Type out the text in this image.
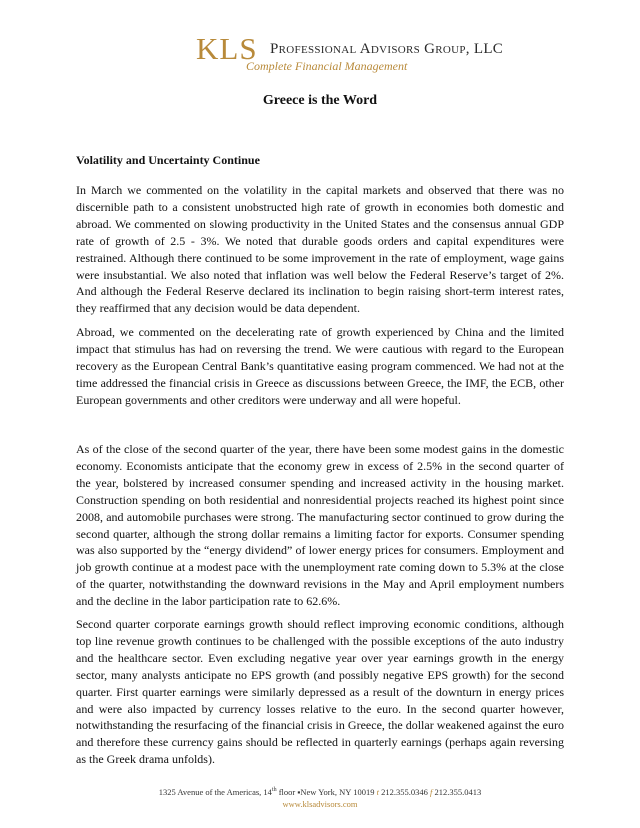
KLS Professional Advisors Group, LLC
Complete Financial Management
Greece is the Word
Volatility and Uncertainty Continue

In March we commented on the volatility in the capital markets and observed that there was no discernible path to a consistent unobstructed high rate of growth in economies both domestic and abroad. We commented on slowing productivity in the United States and the consensus annual GDP rate of growth of 2.5 - 3%. We noted that durable goods orders and capital expenditures were restrained. Although there continued to be some improvement in the rate of employment, wage gains were insubstantial. We also noted that inflation was well below the Federal Reserve’s target of 2%. And although the Federal Reserve declared its inclination to begin raising short-term interest rates, they reaffirmed that any decision would be data dependent.

Abroad, we commented on the decelerating rate of growth experienced by China and the limited impact that stimulus has had on reversing the trend. We were cautious with regard to the European recovery as the European Central Bank’s quantitative easing program commenced. We had not at the time addressed the financial crisis in Greece as discussions between Greece, the IMF, the ECB, other European governments and other creditors were underway and all were hopeful.

As of the close of the second quarter of the year, there have been some modest gains in the domestic economy. Economists anticipate that the economy grew in excess of 2.5% in the second quarter of the year, bolstered by increased consumer spending and increased activity in the housing market. Construction spending on both residential and nonresidential projects reached its highest point since 2008, and automobile purchases were strong. The manufacturing sector continued to grow during the second quarter, although the strong dollar remains a limiting factor for exports. Consumer spending was also supported by the “energy dividend” of lower energy prices for consumers. Employment and job growth continue at a modest pace with the unemployment rate coming down to 5.3% at the close of the quarter, notwithstanding the downward revisions in the May and April employment numbers and the decline in the labor participation rate to 62.6%.

Second quarter corporate earnings growth should reflect improving economic conditions, although top line revenue growth continues to be challenged with the possible exceptions of the auto industry and the healthcare sector. Even excluding negative year over year earnings growth in the energy sector, many analysts anticipate no EPS growth (and possibly negative EPS growth) for the second quarter. First quarter earnings were similarly depressed as a result of the downturn in energy prices and were also impacted by currency losses relative to the euro. In the second quarter however, notwithstanding the resurfacing of the financial crisis in Greece, the dollar weakened against the euro and therefore these currency gains should be reflected in quarterly earnings (perhaps again reversing as the Greek drama unfolds).

1325 Avenue of the Americas, 14th floor ▪New York, NY 10019 t 212.355.0346 f 212.355.0413
www.klsadvisors.com
